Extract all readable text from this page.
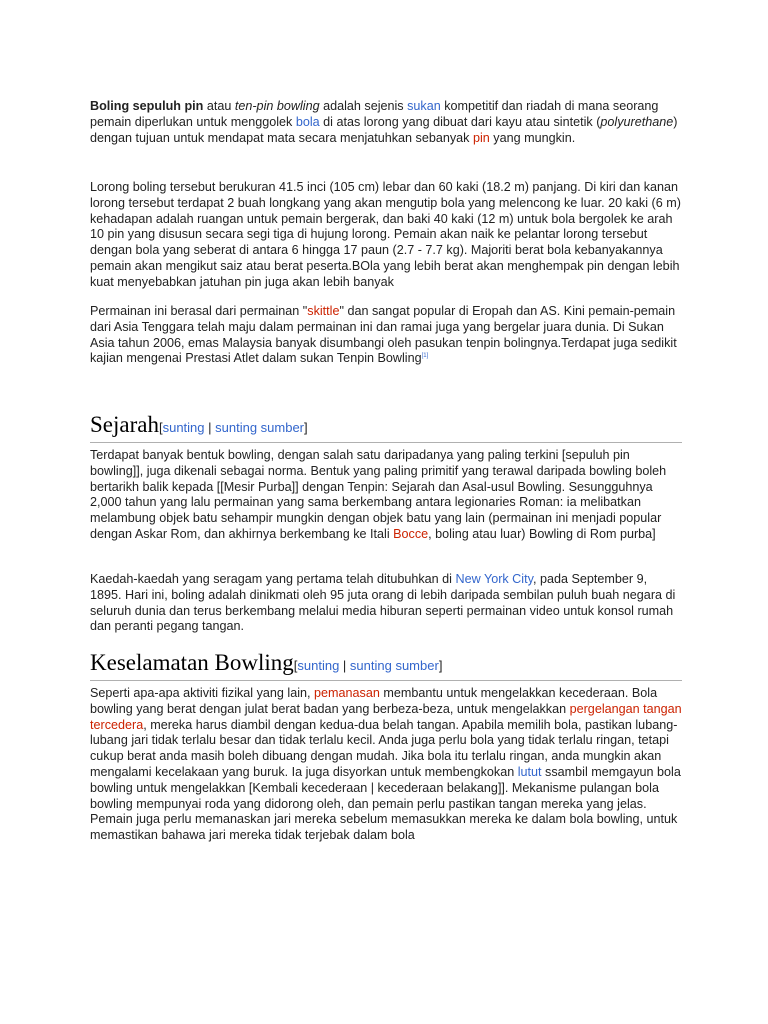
Boling sepuluh pin atau ten-pin bowling adalah sejenis sukan kompetitif dan riadah di mana seorang pemain diperlukan untuk menggolek bola di atas lorong yang dibuat dari kayu atau sintetik (polyurethane) dengan tujuan untuk mendapat mata secara menjatuhkan sebanyak pin yang mungkin.

Lorong boling tersebut berukuran 41.5 inci (105 cm) lebar dan 60 kaki (18.2 m) panjang. Di kiri dan kanan lorong tersebut terdapat 2 buah longkang yang akan mengutip bola yang melencong ke luar. 20 kaki (6 m) kehadapan adalah ruangan untuk pemain bergerak, dan baki 40 kaki (12 m) untuk bola bergolek ke arah 10 pin yang disusun secara segi tiga di hujung lorong. Pemain akan naik ke pelantar lorong tersebut dengan bola yang seberat di antara 6 hingga 17 paun (2.7 - 7.7 kg). Majoriti berat bola kebanyakannya pemain akan mengikut saiz atau berat peserta.BOla yang lebih berat akan menghempak pin dengan lebih kuat menyebabkan jatuhan pin juga akan lebih banyak

Permainan ini berasal dari permainan "skittle" dan sangat popular di Eropah dan AS. Kini pemain-pemain dari Asia Tenggara telah maju dalam permainan ini dan ramai juga yang bergelar juara dunia. Di Sukan Asia tahun 2006, emas Malaysia banyak disumbangi oleh pasukan tenpin bolingnya.Terdapat juga sedikit kajian mengenai Prestasi Atlet dalam sukan Tenpin Bowling[1]

Sejarah[sunting | sunting sumber]

Terdapat banyak bentuk bowling, dengan salah satu daripadanya yang paling terkini [sepuluh pin bowling]], juga dikenali sebagai norma. Bentuk yang paling primitif yang terawal daripada bowling boleh bertarikh balik kepada [[Mesir Purba]] dengan Tenpin: Sejarah dan Asal-usul Bowling. Sesungguhnya 2,000 tahun yang lalu permainan yang sama berkembang antara legionaries Roman: ia melibatkan melambung objek batu sehampir mungkin dengan objek batu yang lain (permainan ini menjadi popular dengan Askar Rom, dan akhirnya berkembang ke Itali Bocce, boling atau luar) Bowling di Rom purba]

Kaedah-kaedah yang seragam yang pertama telah ditubuhkan di New York City, pada September 9, 1895. Hari ini, boling adalah dinikmati oleh 95 juta orang di lebih daripada sembilan puluh buah negara di seluruh dunia dan terus berkembang melalui media hiburan seperti permainan video untuk konsol rumah dan peranti pegang tangan.

Keselamatan Bowling[sunting | sunting sumber]

Seperti apa-apa aktiviti fizikal yang lain, pemanasan membantu untuk mengelakkan kecederaan. Bola bowling yang berat dengan julat berat badan yang berbeza-beza, untuk mengelakkan pergelangan tangan tercedera, mereka harus diambil dengan kedua-dua belah tangan. Apabila memilih bola, pastikan lubang-lubang jari tidak terlalu besar dan tidak terlalu kecil. Anda juga perlu bola yang tidak terlalu ringan, tetapi cukup berat anda masih boleh dibuang dengan mudah. Jika bola itu terlalu ringan, anda mungkin akan mengalami kecelakaan yang buruk. Ia juga disyorkan untuk membengkokan lutut ssambil memgayun bola bowling untuk mengelakkan [Kembali kecederaan | kecederaan belakang]]. Mekanisme pulangan bola bowling mempunyai roda yang didorong oleh, dan pemain perlu pastikan tangan mereka yang jelas. Pemain juga perlu memanaskan jari mereka sebelum memasukkan mereka ke dalam bola bowling, untuk memastikan bahawa jari mereka tidak terjebak dalam bola
